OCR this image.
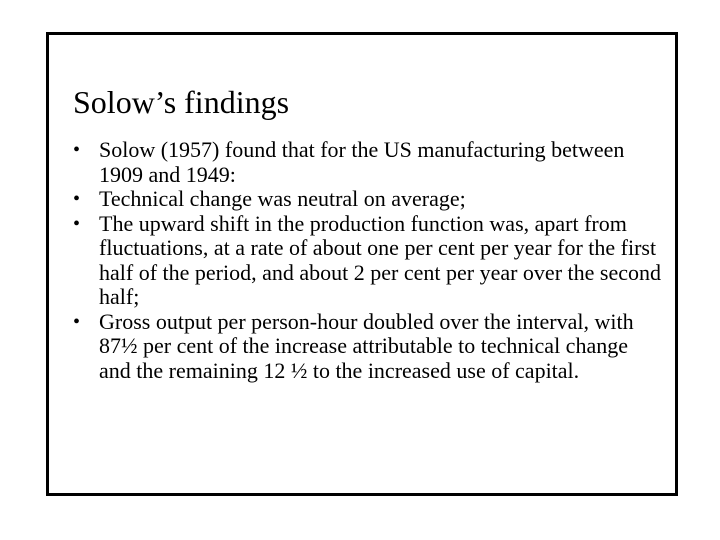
Solow’s findings
• Solow (1957) found that for the US manufacturing between 1909 and 1949:
• Technical change was neutral on average;
• The upward shift in the production function was, apart from fluctuations, at a rate of about one per cent per year for the first half of the period, and about 2 per cent per year over the second half;
• Gross output per person-hour doubled over the interval, with 87½ per cent of the increase attributable to technical change and the remaining 12 ½ to the increased use of capital.
